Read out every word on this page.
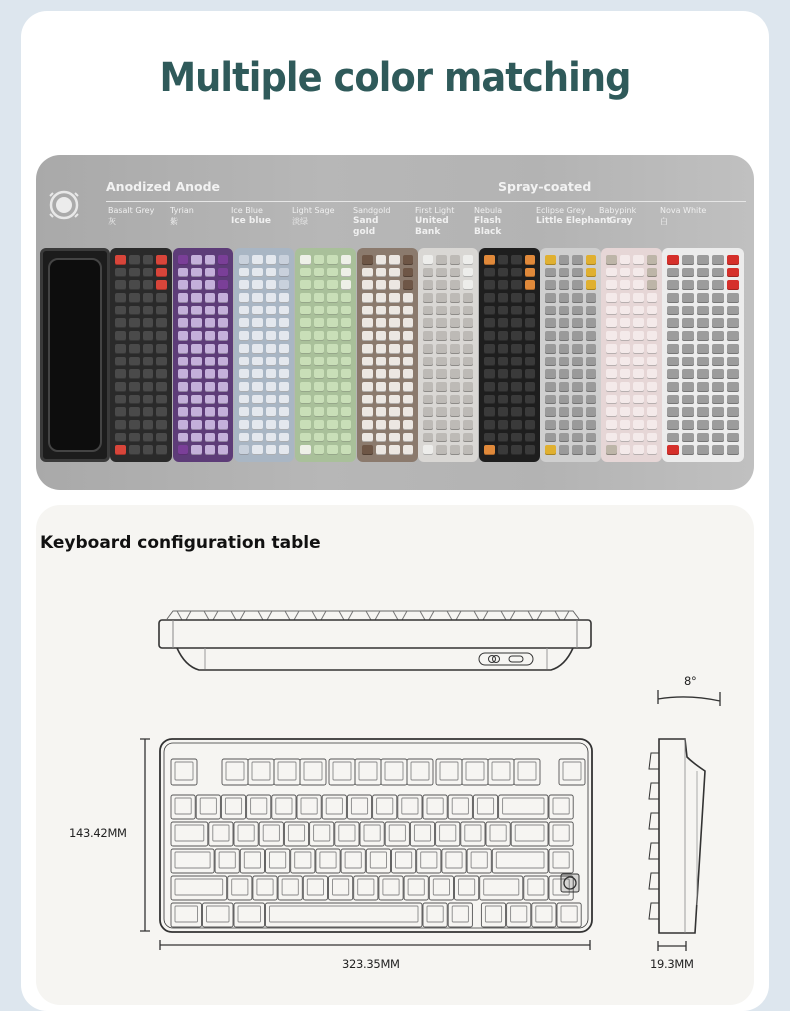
Multiple color matching
Anodized Anode	Spray-coated
Basalt Grey
灰
Tyrian
紫
Ice Blue
Ice blue
Light Sage
淡绿
Sandgold
Sand gold
First Light
United Bank
Nebula
Flash Black
Eclipse Grey
Little Elephant
Babypink
Gray
Nova White
白
Keyboard configuration table
8°
143.42MM
323.35MM	19.3MM
